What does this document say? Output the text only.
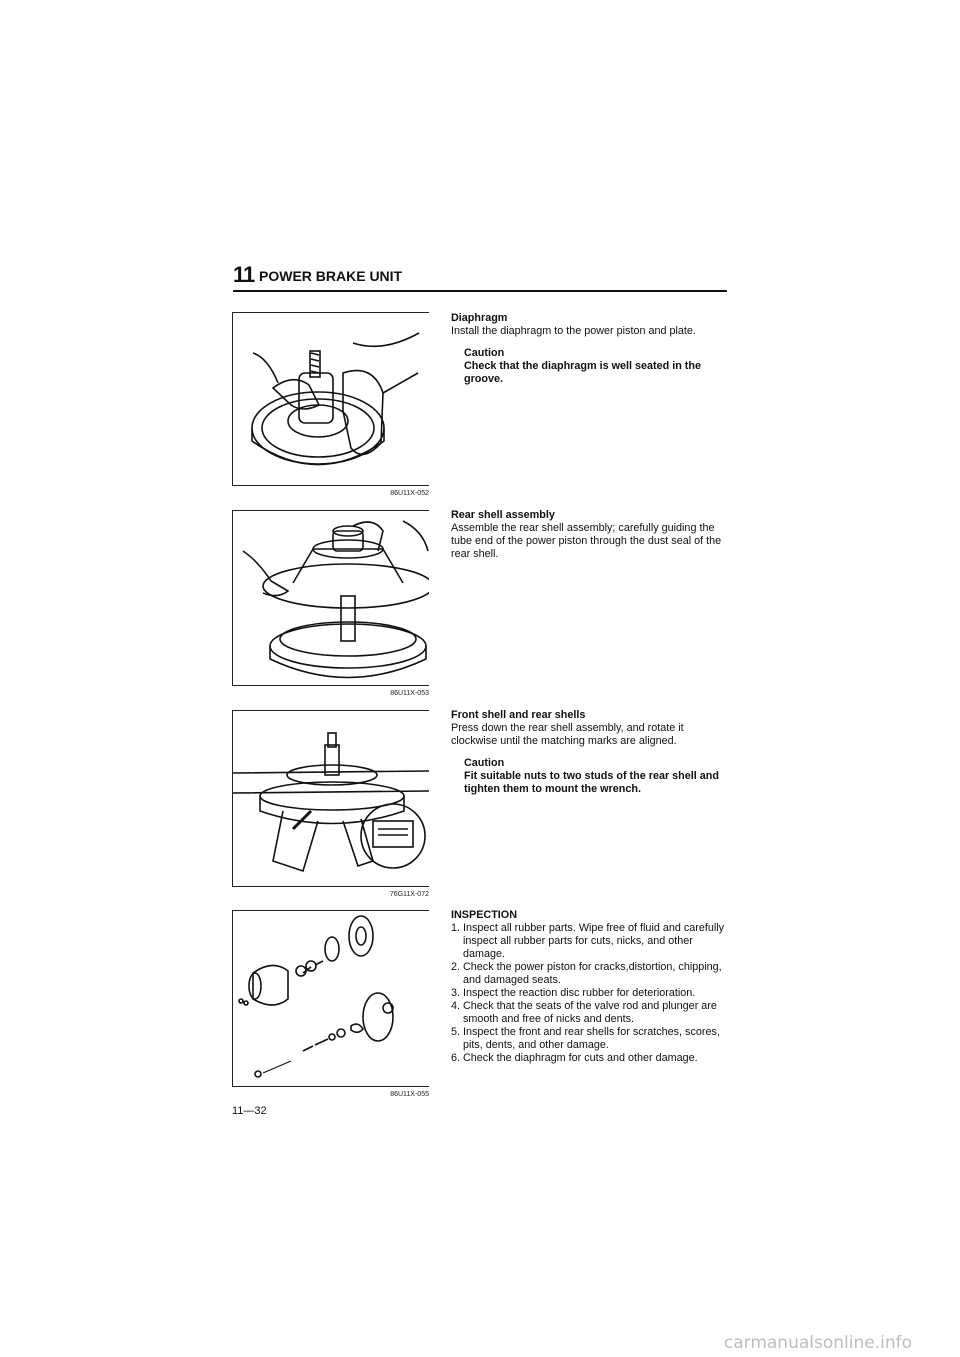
11 POWER BRAKE UNIT
86U11X-052
86U11X-053
76G11X-072
86U11X-055
Diaphragm
Install the diaphragm to the power piston and plate.
Caution
Check that the diaphragm is well seated in the groove.
Rear shell assembly
Assemble the rear shell assembly; carefully guiding the tube end of the power piston through the dust seal of the rear shell.
Front shell and rear shells
Press down the rear shell assembly, and rotate it clockwise until the matching marks are aligned.
Caution
Fit suitable nuts to two studs of the rear shell and tighten them to mount the wrench.
INSPECTION
1. Inspect all rubber parts. Wipe free of fluid and carefully inspect all rubber parts for cuts, nicks, and other damage.
2. Check the power piston for cracks,distortion, chipping, and damaged seats.
3. Inspect the reaction disc rubber for deterioration.
4. Check that the seats of the valve rod and plunger are smooth and free of nicks and dents.
5. Inspect the front and rear shells for scratches, scores, pits, dents, and other damage.
6. Check the diaphragm for cuts and other damage.
11—32
carmanualsonline.info
